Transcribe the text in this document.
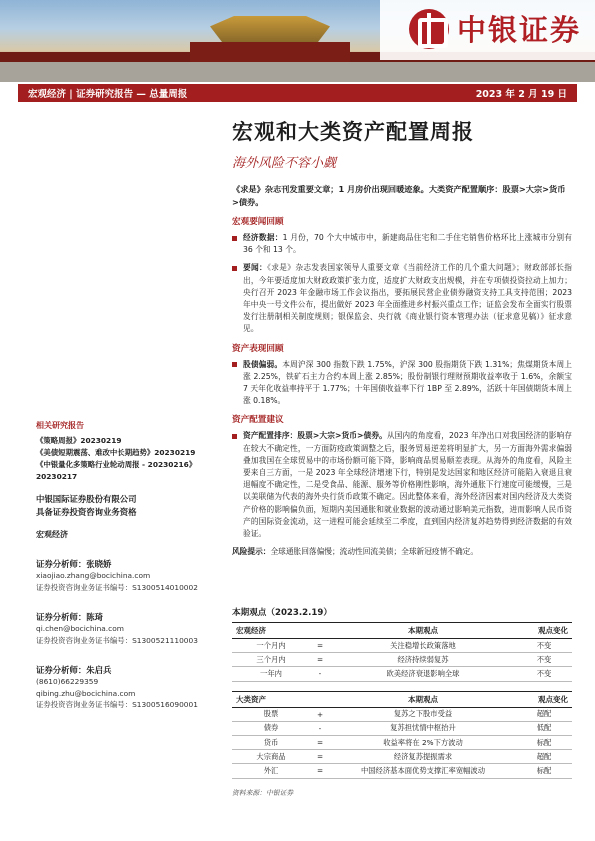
中银证券
宏观经济 | 证券研究报告 — 总量周报	2023 年 2 月 19 日
宏观和大类资产配置周报
海外风险不容小觑
《求是》杂志刊发重要文章；1 月房价出现回暖迹象。大类资产配置顺序：股票>大宗>货币>债券。
宏观要闻回顾
经济数据：1 月份，70 个大中城市中，新建商品住宅和二手住宅销售价格环比上涨城市分别有 36 个和 13 个。
要闻：《求是》杂志发表国家领导人重要文章《当前经济工作的几个重大问题》；财政部部长指出，今年要适度加大财政政策扩张力度，适度扩大财政支出规模，并在专项债投资拉动上加力；央行召开 2023 年金融市场工作会议指出，要拓展民营企业债券融资支持工具支持范围；2023 年中央一号文件公布，提出做好 2023 年全面推进乡村振兴重点工作；证监会发布全面实行股票发行注册制相关制度规则；银保监会、央行就《商业银行资本管理办法（征求意见稿）》征求意见。
资产表现回顾
股债偏弱。本周沪深 300 指数下跌 1.75%，沪深 300 股指期货下跌 1.31%；焦煤期货本周上涨 2.25%，铁矿石主力合约本周上涨 2.85%；股份制银行理财预期收益率收于 1.6%，余额宝 7 天年化收益率持平于 1.77%；十年国债收益率下行 1BP 至 2.89%，活跃十年国债期货本周上涨 0.18%。
资产配置建议
资产配置排序：股票>大宗>货币>债券。从国内的角度看，2023 年净出口对我国经济的影响存在较大不确定性，一方面防疫政策调整之后，服务贸易逆差将明显扩大，另一方面海外需求偏弱叠加我国在全球贸易中的市场份额可能下降，影响商品贸易顺差表现。从海外的角度看，风险主要来自三方面，一是 2023 年全球经济增速下行，特别是发达国家和地区经济可能陷入衰退且衰退幅度不确定性，二是受食品、能源、服务等价格刚性影响，海外通胀下行速度可能缓慢，三是以美联储为代表的海外央行货币政策不确定。因此整体来看，海外经济因素对国内经济及大类资产价格的影响偏负面，短期内美国通胀和就业数据的波动通过影响美元指数，进而影响人民币资产的国际资金流动，这一进程可能会延续至二季度，直到国内经济复苏趋势得到经济数据的有效验证。
风险提示：全球通胀回落偏慢；流动性回流美债；全球新冠疫情不确定。
相关研究报告
《策略周报》20230219
《美债短期震荡、难改中长期趋势》20230219
《中银量化多策略行业轮动周报 - 20230216》
20230217
中银国际证券股份有限公司
具备证券投资咨询业务资格
宏观经济
证券分析师：张晓娇
xiaojiao.zhang@bocichina.com
证券投资咨询业务证书编号：S1300514010002
证券分析师：陈琦
qi.chen@bocichina.com
证券投资咨询业务证书编号：S1300521110003
证券分析师：朱启兵
(8610)66229359
qibing.zhu@bocichina.com
证券投资咨询业务证书编号：S1300516090001
本期观点（2023.2.19）
宏观经济		本期观点	观点变化
一个月内	=	关注稳增长政策落地	不变
三个月内	=	经济持续弱复苏	不变
一年内	-	欧美经济衰退影响全球	不变
大类资产		本期观点	观点变化
股票	+	复苏之下股市受益	超配
债券	-	复苏担忧情中枢抬升	低配
货币	=	收益率将在 2%下方波动	标配
大宗商品	=	经济复苏提振需求	超配
外汇	=	中国经济基本面优势支撑汇率宽幅波动	标配
资料来源：中银证券
